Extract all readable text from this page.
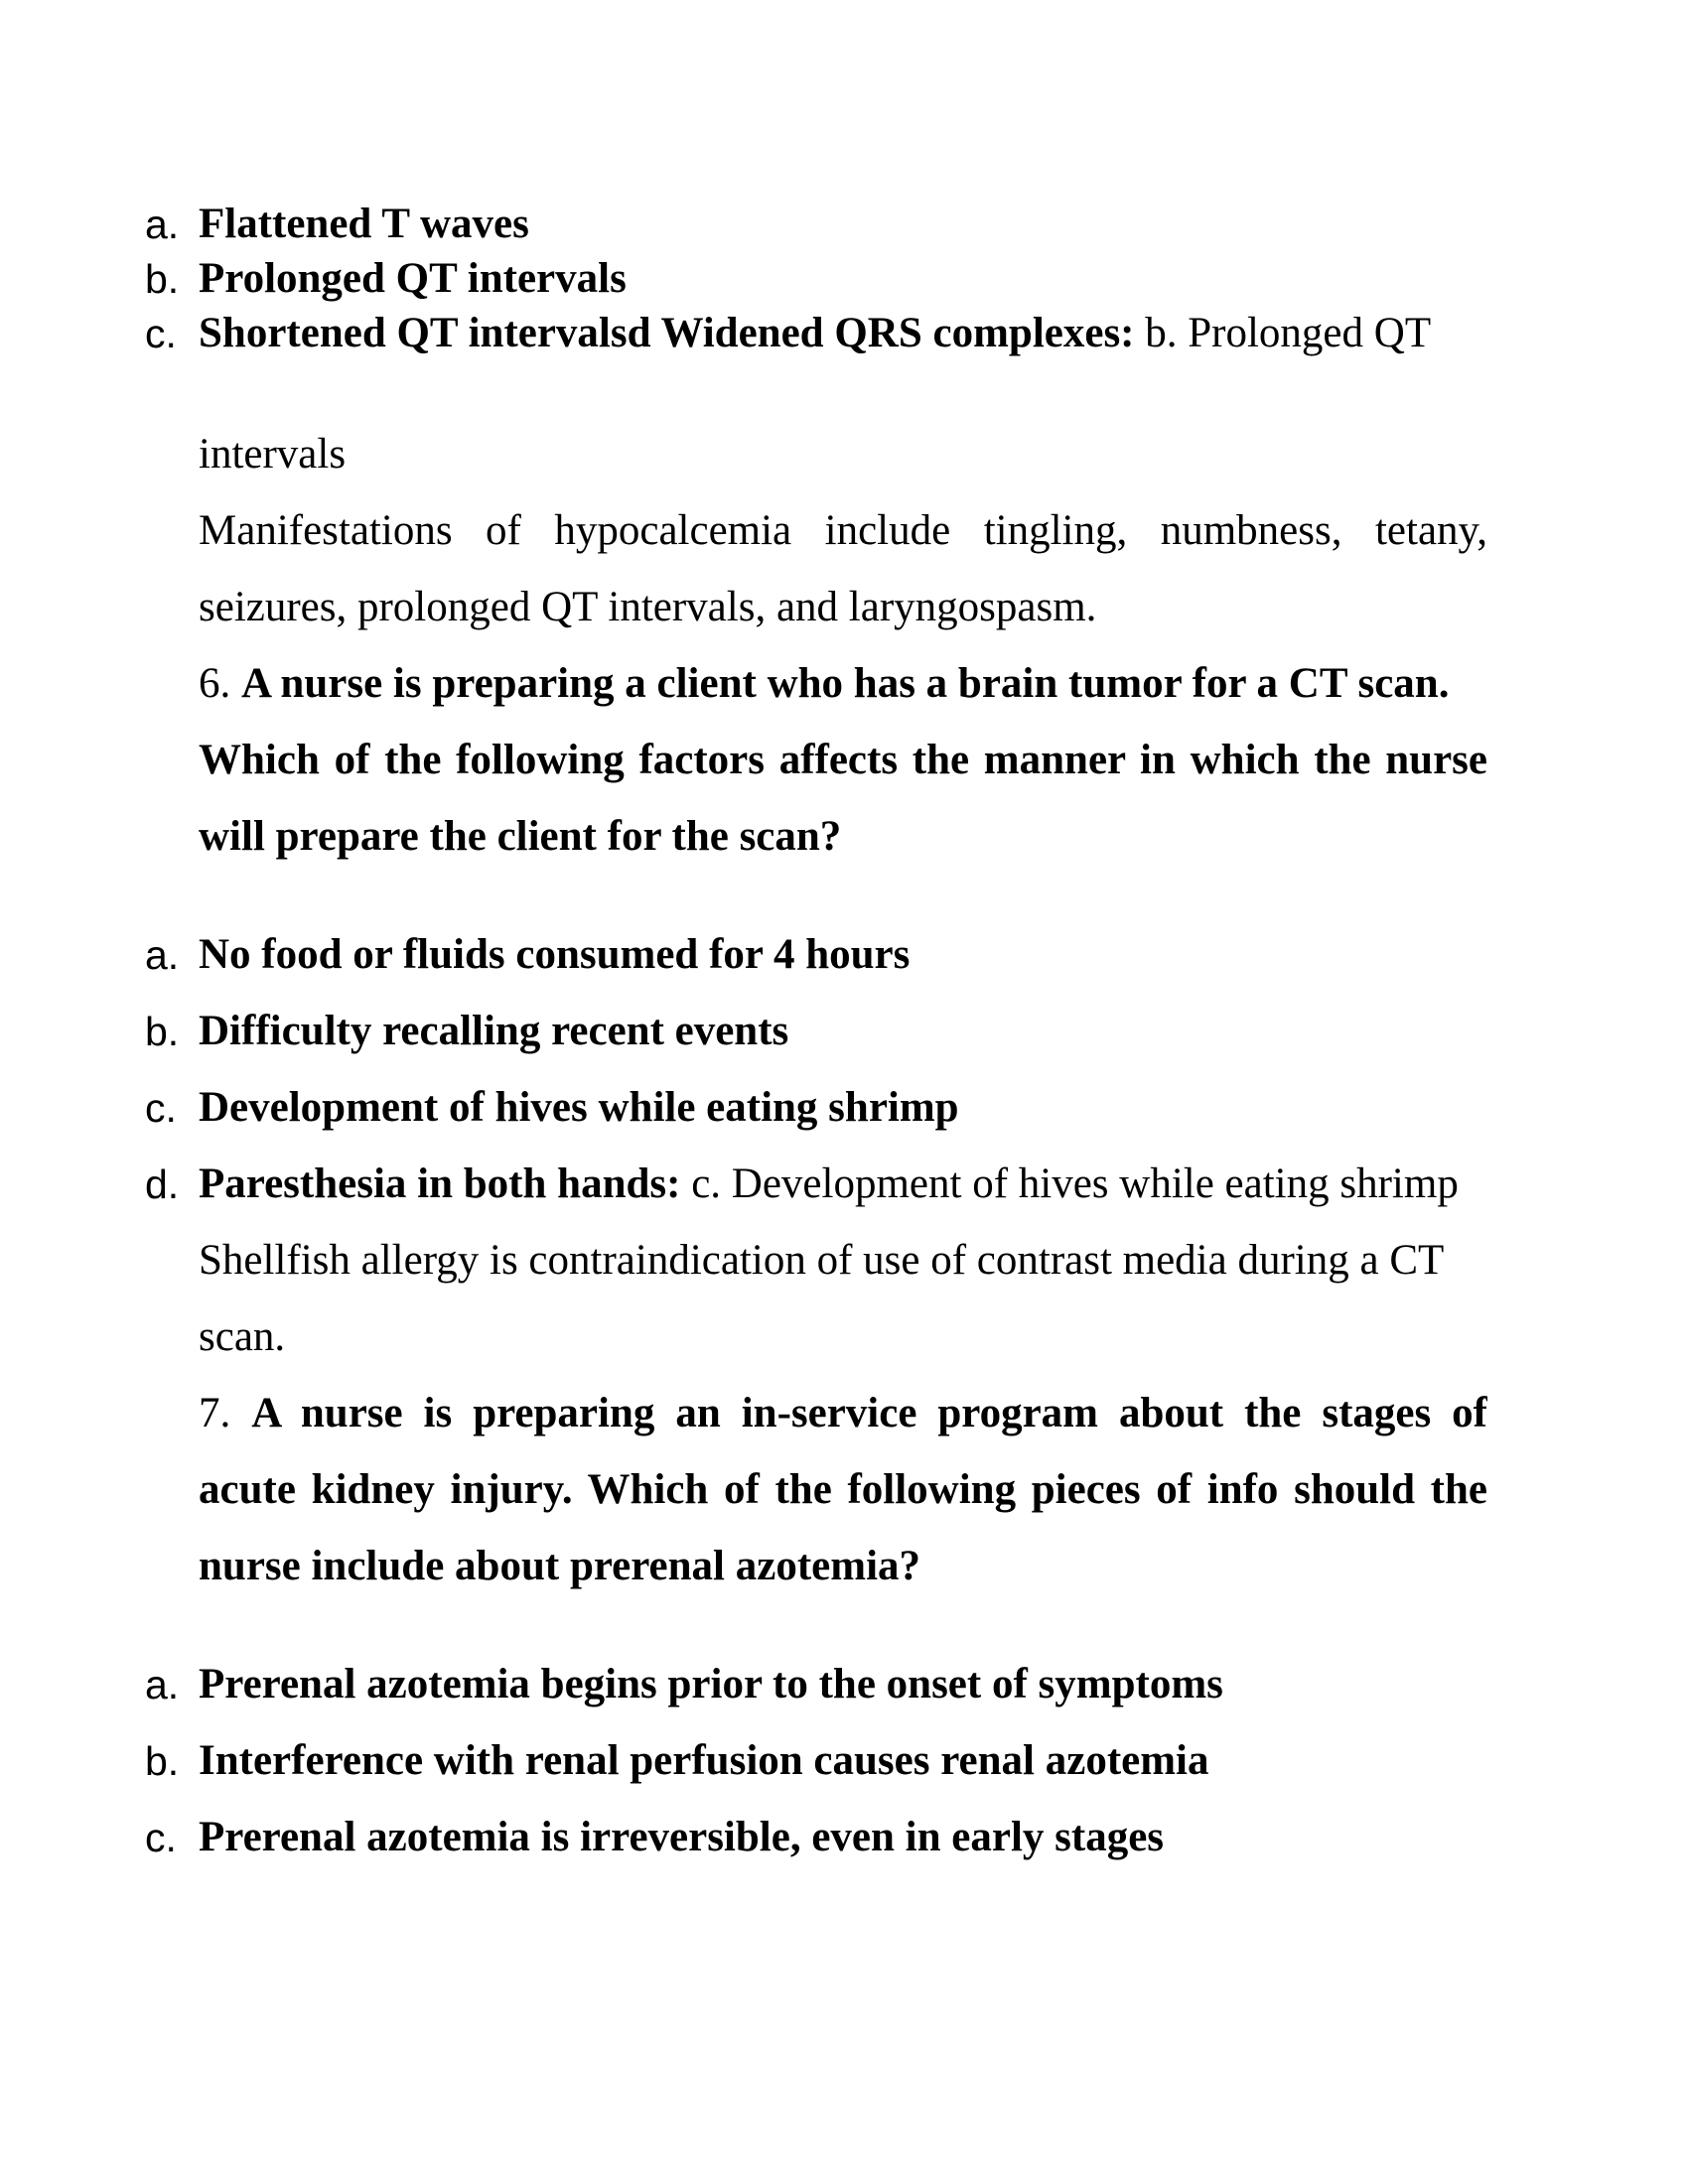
a. Flattened T waves
b. Prolonged QT intervals
c. Shortened QT intervalsd Widened QRS complexes: b. Prolonged QT
intervals
Manifestations of hypocalcemia include tingling, numbness, tetany,
seizures, prolonged QT intervals, and laryngospasm.
6. A nurse is preparing a client who has a brain tumor for a CT scan.
Which of the following factors affects the manner in which the nurse
will prepare the client for the scan?
a. No food or fluids consumed for 4 hours
b. Difficulty recalling recent events
c. Development of hives while eating shrimp
d. Paresthesia in both hands: c. Development of hives while eating shrimp
Shellfish allergy is contraindication of use of contrast media during a CT
scan.
7. A nurse is preparing an in-service program about the stages of
acute kidney injury. Which of the following pieces of info should the
nurse include about prerenal azotemia?
a. Prerenal azotemia begins prior to the onset of symptoms
b. Interference with renal perfusion causes renal azotemia
c. Prerenal azotemia is irreversible, even in early stages
